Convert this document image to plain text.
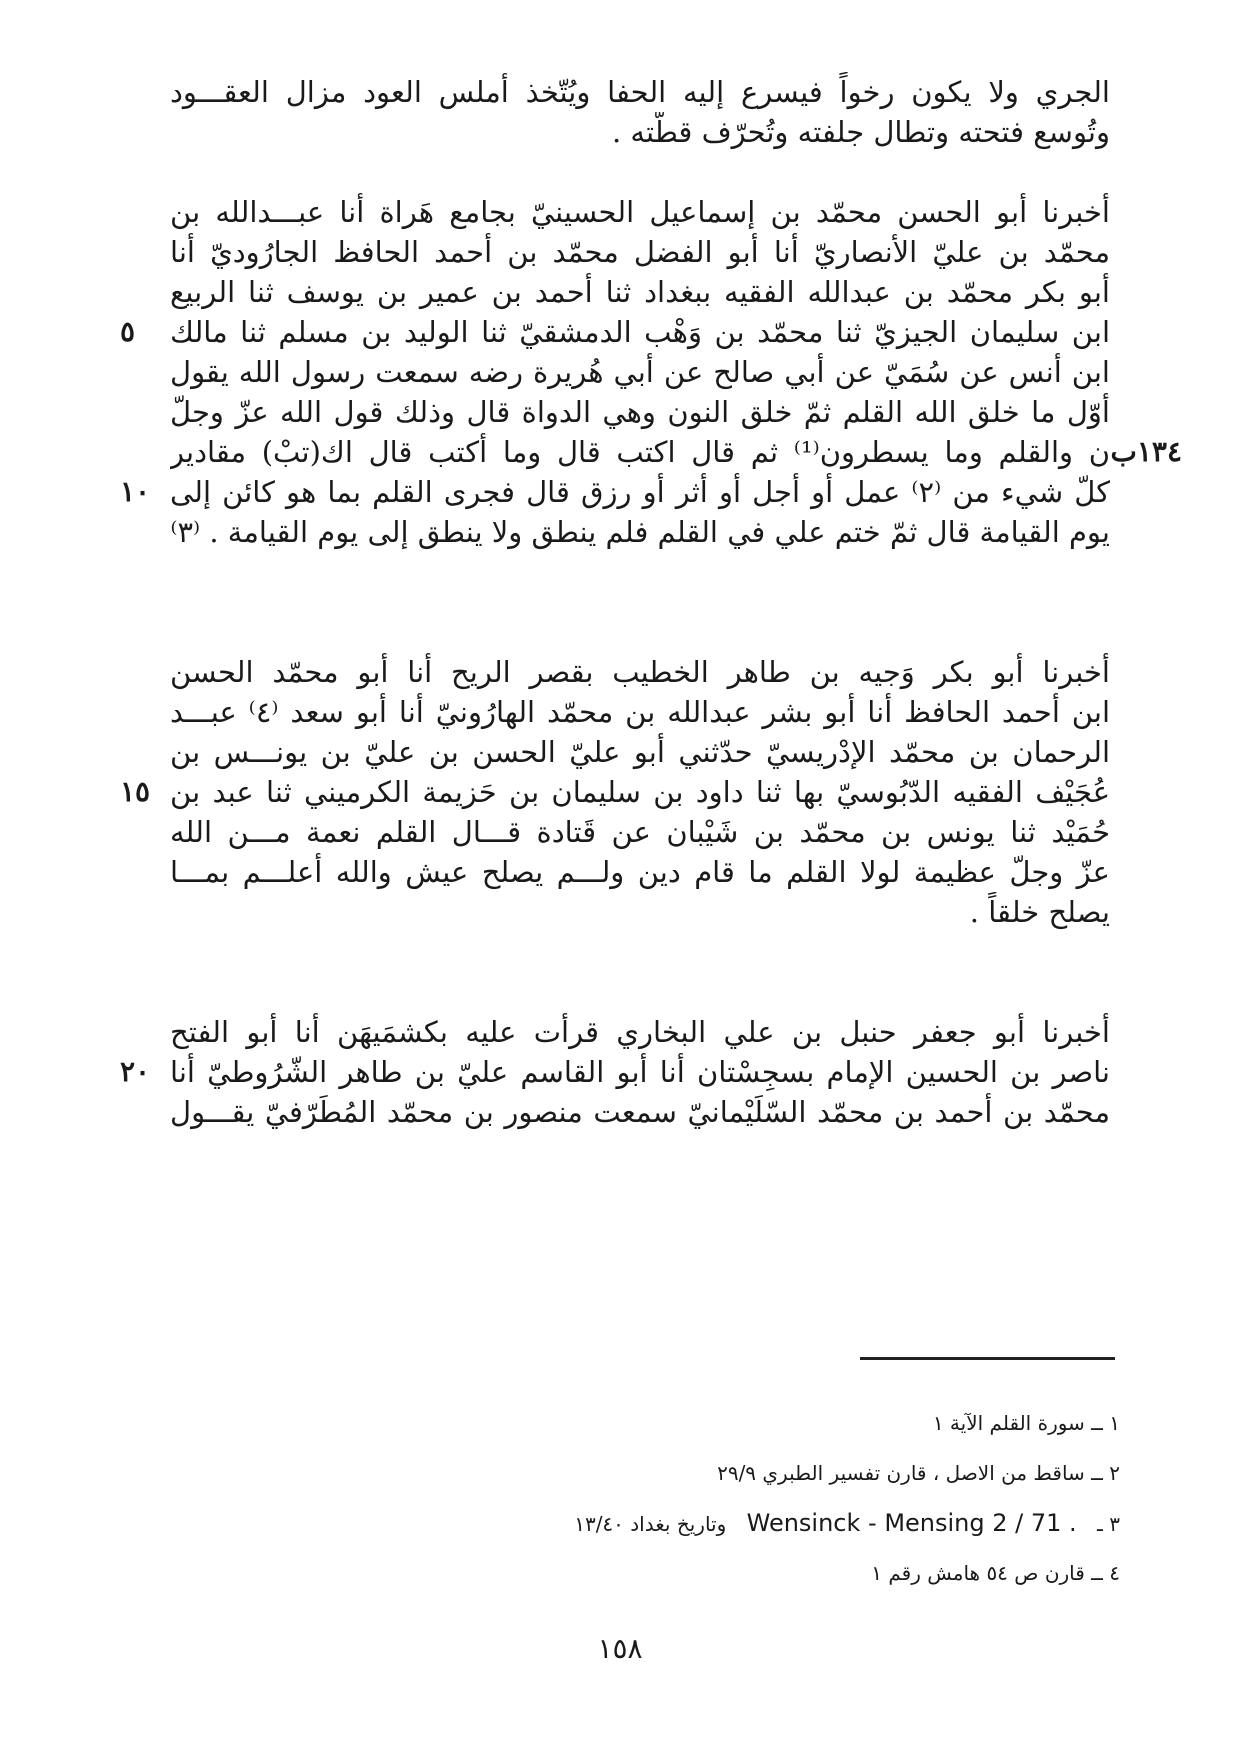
الجري ولا يكون رخواً فيسرع إليه الحفا ويُتّخذ أملس العود مزال العقـــود
وتُوسع فتحته وتطال جلفته وتُحرّف قطّته .
أخبرنا أبو الحسن محمّد بن إسماعيل الحسينيّ بجامع هَراة أنا عبـــدالله بن
محمّد بن عليّ الأنصاريّ أنا أبو الفضل محمّد بن أحمد الحافظ الجارُوديّ أنا
أبو بكر محمّد بن عبدالله الفقيه ببغداد ثنا أحمد بن عمير بن يوسف ثنا الربيع
ابن سليمان الجيزيّ ثنا محمّد بن وَهْب الدمشقيّ ثنا الوليد بن مسلم ثنا مالك
ابن أنس عن سُمَيّ عن أبي صالح عن أبي هُريرة رضه سمعت رسول الله يقول
أوّل ما خلق الله القلم ثمّ خلق النون وهي الدواة قال وذلك قول الله عزّ وجلّ
ن والقلم وما يسطرون⁽¹⁾ ثم قال اكتب قال وما أكتب قال اك(تبْ) مقادير
كلّ شيء من ⁽٢⁾ عمل أو أجل أو أثر أو رزق قال فجرى القلم بما هو كائن إلى
يوم القيامة قال ثمّ ختم علي في القلم فلم ينطق ولا ينطق إلى يوم القيامة . ⁽٣⁾
٥
١٣٤ب
١٠
أخبرنا أبو بكر وَجيه بن طاهر الخطيب بقصر الريح أنا أبو محمّد الحسن
ابن أحمد الحافظ أنا أبو بشر عبدالله بن محمّد الهارُونيّ أنا أبو سعد ⁽٤⁾ عبـــد
الرحمان بن محمّد الإدْريسيّ حدّثني أبو عليّ الحسن بن عليّ بن يونـــس بن
عُجَيْف الفقيه الدّبُوسيّ بها ثنا داود بن سليمان بن حَزيمة الكرميني ثنا عبد بن
حُمَيْد ثنا يونس بن محمّد بن شَيْبان عن قَتادة قـــال القلم نعمة مـــن الله
عزّ وجلّ عظيمة لولا القلم ما قام دين ولـــم يصلح عيش والله أعلـــم بمـــا
يصلح خلقاً .
١٥
أخبرنا أبو جعفر حنبل بن علي البخاري قرأت عليه بكشمَيهَن أنا أبو الفتح
ناصر بن الحسين الإمام بسجِسْتان أنا أبو القاسم عليّ بن طاهر الشّرُوطيّ أنا
محمّد بن أحمد بن محمّد السّلَيْمانيّ سمعت منصور بن محمّد المُطَرّفيّ يقـــول
٢٠
١ ــ سورة القلم الآية ١
٢ ــ ساقط من الاصل ، قارن تفسير الطبري ٢٩/٩
٣ ـ Wensinck - Mensing 2 / 71 . وتاريخ بغداد ١٣/٤٠
٤ ــ قارن ص ٥٤ هامش رقم ١
١٥٨
